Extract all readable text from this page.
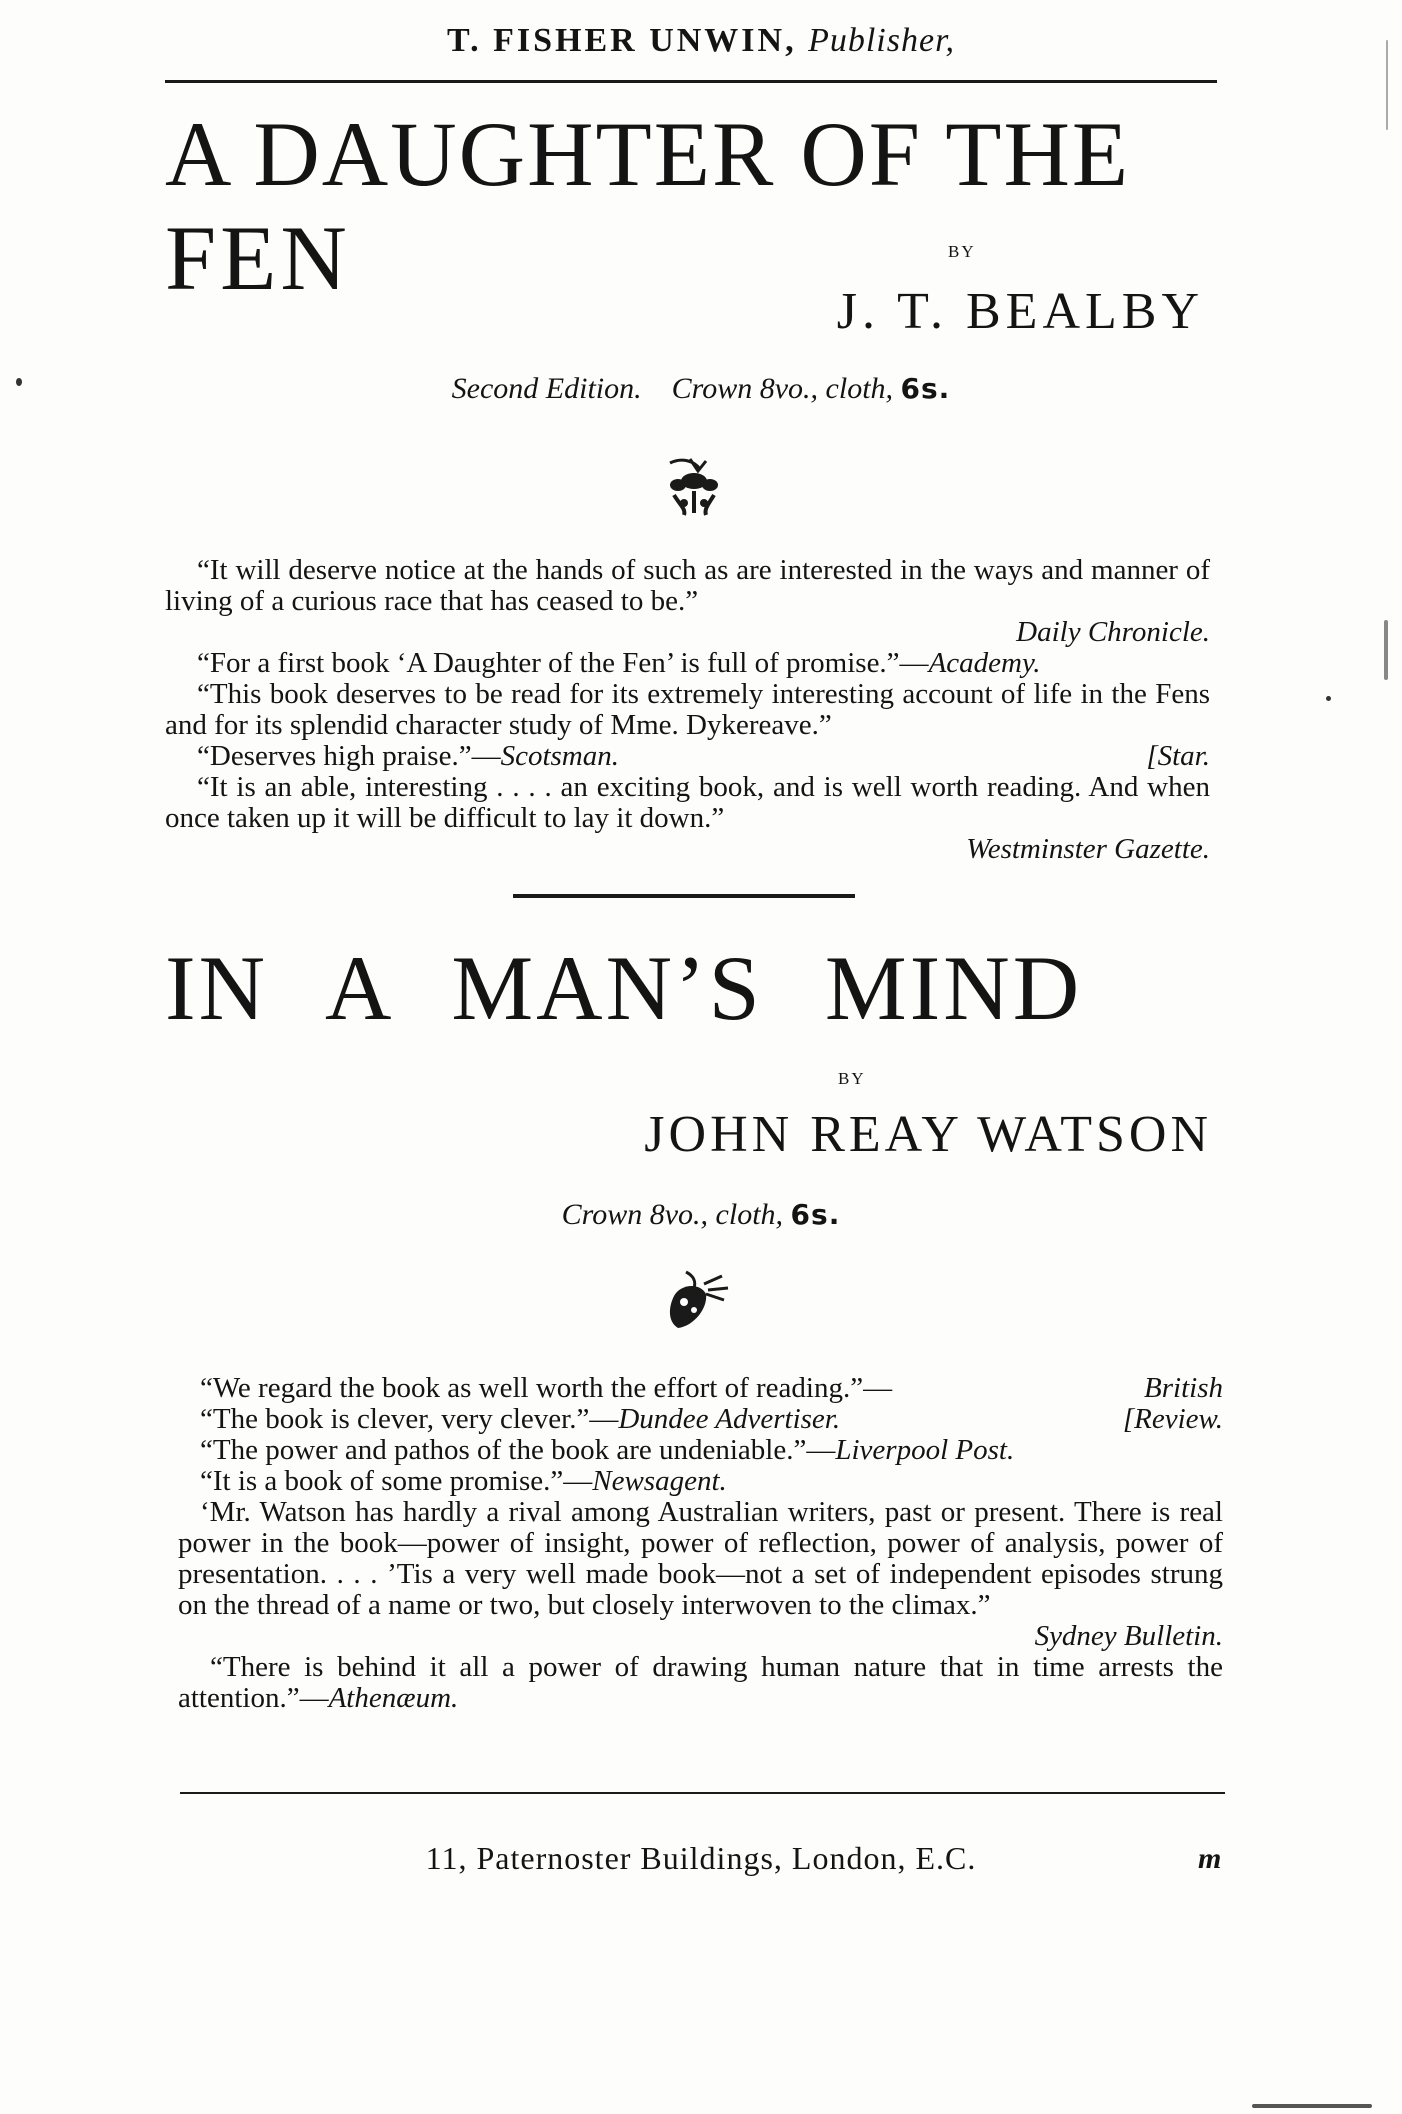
T. FISHER UNWIN, Publisher,
A DAUGHTER OF THE
FEN	BY
J. T. BEALBY
Second Edition. Crown 8vo., cloth, 6s.

“It will deserve notice at the hands of such as are interested in the ways and manner of living of a curious race that has ceased to be.”

Daily Chronicle.

“For a first book ‘A Daughter of the Fen’ is full of promise.”—Academy.

“This book deserves to be read for its extremely interesting account of life in the Fens and for its splendid character study of Mme. Dykereave.”

“Deserves high praise.”—Scotsman.	[Star.

“It is an able, interesting . . . . an exciting book, and is well worth reading. And when once taken up it will be difficult to lay it down.”

Westminster Gazette.

IN A MAN’S MIND
BY
JOHN REAY WATSON
Crown 8vo., cloth, 6s.

“We regard the book as well worth the effort of reading.”—	British

“The book is clever, very clever.”—Dundee Advertiser.	[Review.

“The power and pathos of the book are undeniable.”—Liverpool Post.

“It is a book of some promise.”—Newsagent.

‘Mr. Watson has hardly a rival among Australian writers, past or present. There is real power in the book—power of insight, power of reflection, power of analysis, power of presentation. . . . ’Tis a very well made book—not a set of independent episodes strung on the thread of a name or two, but closely interwoven to the climax.”

Sydney Bulletin.

“There is behind it all a power of drawing human nature that in time arrests the attention.”—Athenæum.

11, Paternoster Buildings, London, E.C.	m
